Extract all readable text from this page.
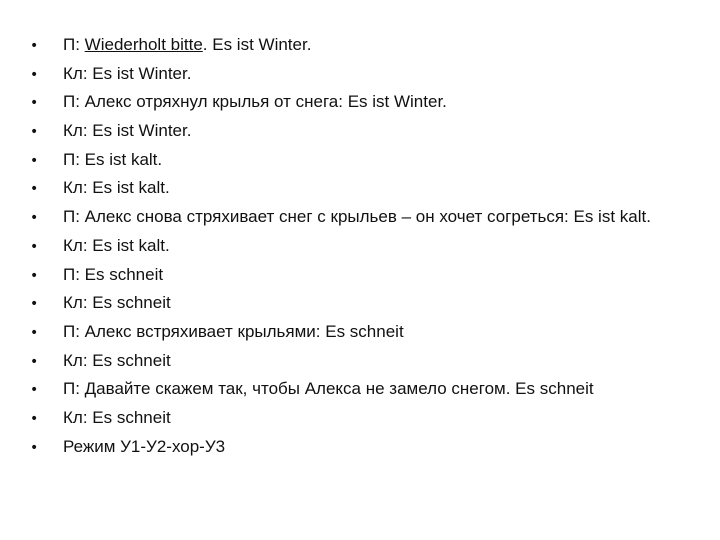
•	П: Wiederholt bitte. Es ist Winter.
•	Кл: Es ist Winter.
•	П: Алекс отряхнул крылья от снега: Es ist Winter.
•	Кл: Es ist Winter.
•	П: Es ist kalt.
•	Кл: Es ist kalt.
•	П: Алекс снова стряхивает снег с крыльев – он хочет согреться: Es ist kalt.
•	Кл: Es ist kalt.
•	П: Es schneit
•	Кл: Es schneit
•	П: Алекс встряхивает крыльями: Es schneit
•	Кл: Es schneit
•	П: Давайте скажем так, чтобы Алекса не замело снегом. Es schneit
•	Кл: Es schneit
•	Режим У1-У2-хор-У3
